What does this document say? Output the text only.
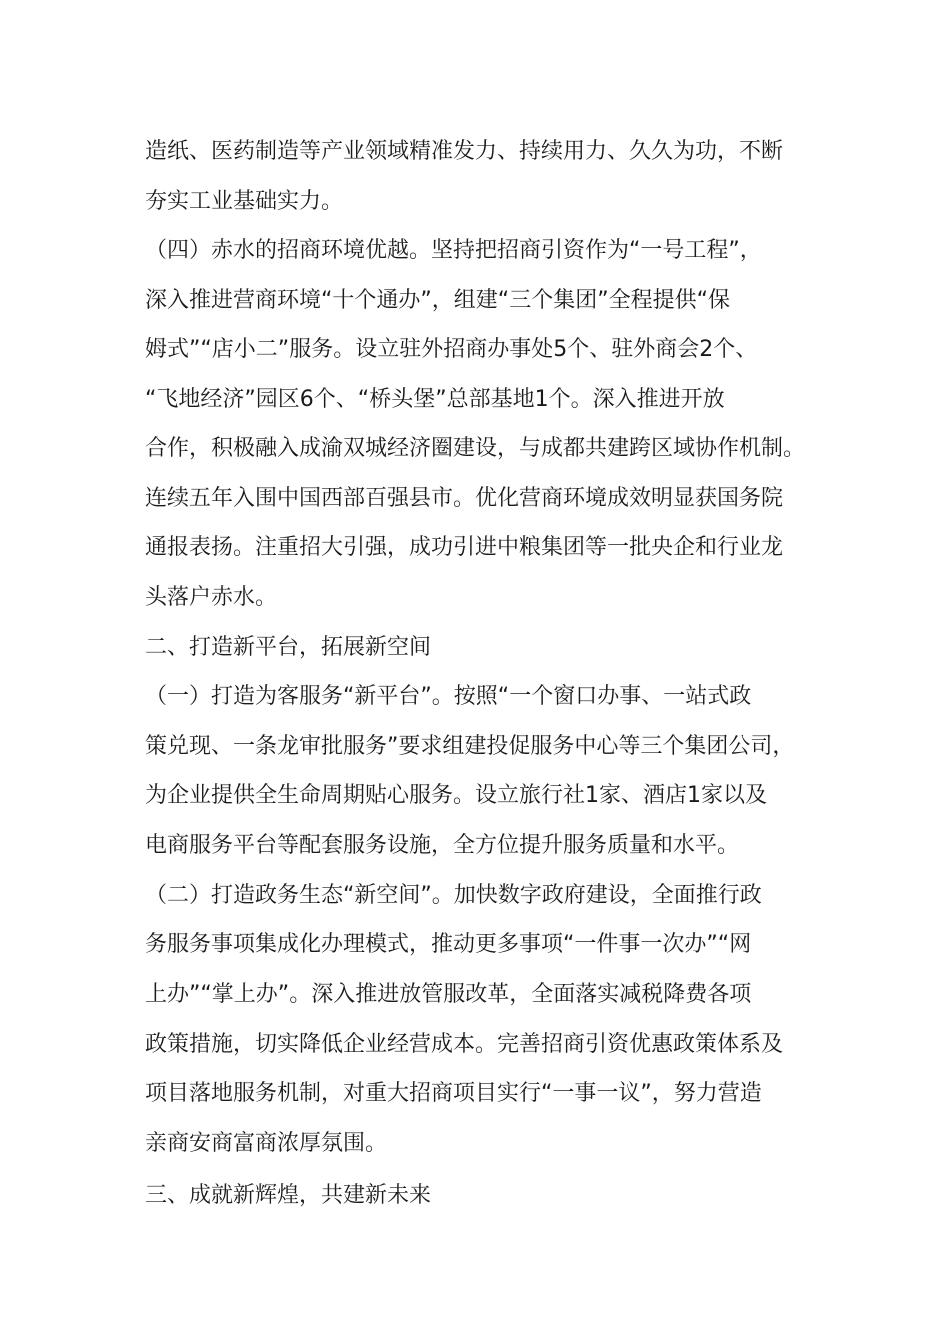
造纸、医药制造等产业领域精准发力、持续用力、久久为功，不断
夯实工业基础实力。
（四）赤水的招商环境优越。坚持把招商引资作为“一号工程”，
深入推进营商环境“十个通办”，组建“三个集团”全程提供“保
姆式”“店小二”服务。设立驻外招商办事处5个、驻外商会2个、
“飞地经济”园区6个、“桥头堡”总部基地1个。深入推进开放
合作，积极融入成渝双城经济圈建设，与成都共建跨区域协作机制。
连续五年入围中国西部百强县市。优化营商环境成效明显获国务院
通报表扬。注重招大引强，成功引进中粮集团等一批央企和行业龙
头落户赤水。
二、打造新平台，拓展新空间
（一）打造为客服务“新平台”。按照“一个窗口办事、一站式政
策兑现、一条龙审批服务”要求组建投促服务中心等三个集团公司，
为企业提供全生命周期贴心服务。设立旅行社1家、酒店1家以及
电商服务平台等配套服务设施，全方位提升服务质量和水平。
（二）打造政务生态“新空间”。加快数字政府建设，全面推行政
务服务事项集成化办理模式，推动更多事项“一件事一次办”“网
上办”“掌上办”。深入推进放管服改革，全面落实减税降费各项
政策措施，切实降低企业经营成本。完善招商引资优惠政策体系及
项目落地服务机制，对重大招商项目实行“一事一议”，努力营造
亲商安商富商浓厚氛围。
三、成就新辉煌，共建新未来
